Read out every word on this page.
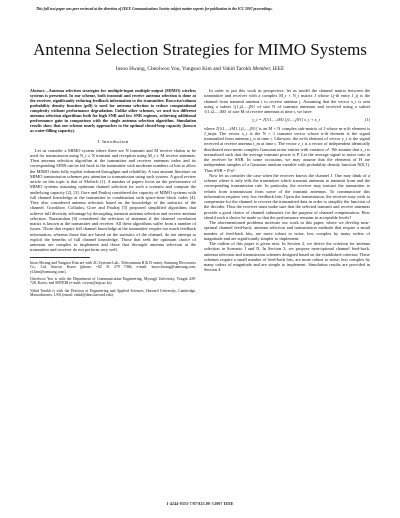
This full text paper was peer reviewed at the direction of IEEE Communications Society subject matter experts for publication in the ICC 2007 proceedings.
Antenna Selection Strategies for MIMO Systems
Insoo Hwang, Cheolwoo You, Yungsoo Kim and Vahid Tarokh Member, IEEE

Abstract—Antenna selection strategies for multiple-input multiple-output (MIMO) wireless systems is presented. In our scheme, both transmit and receive antenna selection is done at the receiver, significantly reducing feedback information to the transmitter. Rowwise/column probability density function (pdf) is used for antenna selection to reduce computational complexity without performance degradation. Unlike other schemes, we used two different antenna selection algorithms both for high SNR and low SNR regimes, achieving additional performance gain in comparison with the single antenna selection algorithm. Simulation results show that our scheme nearly approaches to the optimal closed-loop capacity (known as water-filling capacity).

I. Introduction

Let us consider a MIMO system where there are N transmit and M receive chains to be used for transmission using N_t ≥ N transmit and reception using M_r ≥ M receive antennas. Then antenna selection algorithm at the transmitter and receiver antennas index and its corresponding SINR can be fed back to the transmitter with moderate numbers of bits to allow the MIMO chain fully exploit enhanced throughput and reliability. A vast amount literature on MIMO transmission schemes pay attention to transmission using such system. A good review article on this topic is that of Molisch [1]. A number of papers focus on the performance of MIMO systems assuming optimum channel selection for such a scenario and compute the underlying capacity [2], [3]. Gore and Paulraj considered the capacity of MIMO systems with full channel knowledge at the transmitter in combination with space-time block codes [4]. They also considered antenna selection based on the knowledge of the statistics of the channel. Gorokhov, Collados, Gore and Paulraj [5] proposed simplified algorithms that achieve full diversity advantage by decoupling transmit antenna selection and receive antenna selection. Narasimhan [6] considered the selection of antennas if the channel correlation matrix is known at the transmitter and receiver. All these algorithms suffer from a number of issues. Those that require full channel knowledge at the transmitter require too much feedback information, whereas those that are based on the statistics of the channel, do not attempt to exploit the benefits of full channel knowledge. Those that seek the optimum choice of antennas are complex to implement and those that decouple antenna selection at the transmitter and receiver do not perform very well.

Insoo Hwang and Yungsoo Kim are with 4G Systems Lab., Telecommun R & D center, Samsung Electronics Co., Ltd, Suwon, Korea (phone: +82 31 279 7366, e-mail: insoo.hwang@samsung.com, yf.kim@samsung.com).
Cheolwoo You is with the Department of Communication Engineering, Myongji University, Yongin 449-728, Korea, and MITERI (e-mail: cwyou@mju.ac.kr).
Vahid Tarokh is with the Division of Engineering and Applied Sciences, Harvard University, Cambridge, Massachusetts, USA (email: vahid@deas.harvard.edu).

In order to put this work in perspective, let us model the channel matrix between the transmitter and receiver with a complex M_r × N_t matrix J whose i,j-th entry J_ij is the channel from transmit antenna i to receive antenna j. Assuming that the vector x_t is sent using a subset {j1,j2,...,jN} of size N of transmit antennas and received using a subset {i1,i2,...,iM} of size M of receive antennas at time t, we have

y_t = J[{i1,...,iM},{j1,...,jN}] x_t + z_t	(1)

where J[{i1,...,iM},{j1,...,jN}] is an M × N complex sub-matrix of J whose m-n th element is J_imjn. The vector x_t is the N × 1 transmit vector whose n-th element is the signal transmitted from antenna j_n at time t. Likewise, the m-th element of vector y_t is the signal received at receive antenna i_m at time t. The vector z_t is a vector of independent identically distributed zero-mean complex Gaussian noise entries with variance σ². We assume that x_t is normalized such that the average transmit power is P. Let the average signal to noise ratio at the receiver be SNR. In some occasions, we may assume that the elements of H are independent samples of a Gaussian random variable with probability density function N(0,1). Thus SNR = P/σ².

Now let us consider the case when the receiver knows the channel J. One may think of a scheme where it only tells the transmitter which transmit antennas to transmit from and the corresponding transmission rate. In particular, the receiver may instruct the transmitter to refrain from transmission from some of the transmit antennas. To communicate this information requires very few feedback bits. Upon the transmission, the receiver may wish to compensate for the channel to recover the transmitted data in order to simplify the function of the decoder. Thus the receiver must make sure that the selected transmit and receive antennas provide a good choice of channel submatrix for the purpose of channel compensation. How should such a choice be made so that the performance remains in acceptable levels?

The aforementioned problems motivate our work in this paper, where we develop near-optimal channel feed-back, antenna selection and transmission methods that require a small number of feed-back bits, are more robust to noise, less complex by many orders of magnitude and are significantly simpler to implement.

The outline of this paper is given next. In Section 2, we derive the criterion for antenna selection in Scenario I and II. In Section 3, we propose near-optimal channel feed-back, antenna selection and transmission schemes designed based on the established criterion. These schemes require a small number of feed-back bits, are more robust to noise, less complex by many orders of magnitude and are simple to implement. Simulation results are provided in Section 4

1-4244-0353-7/07/$25.00 ©2007 IEEE
